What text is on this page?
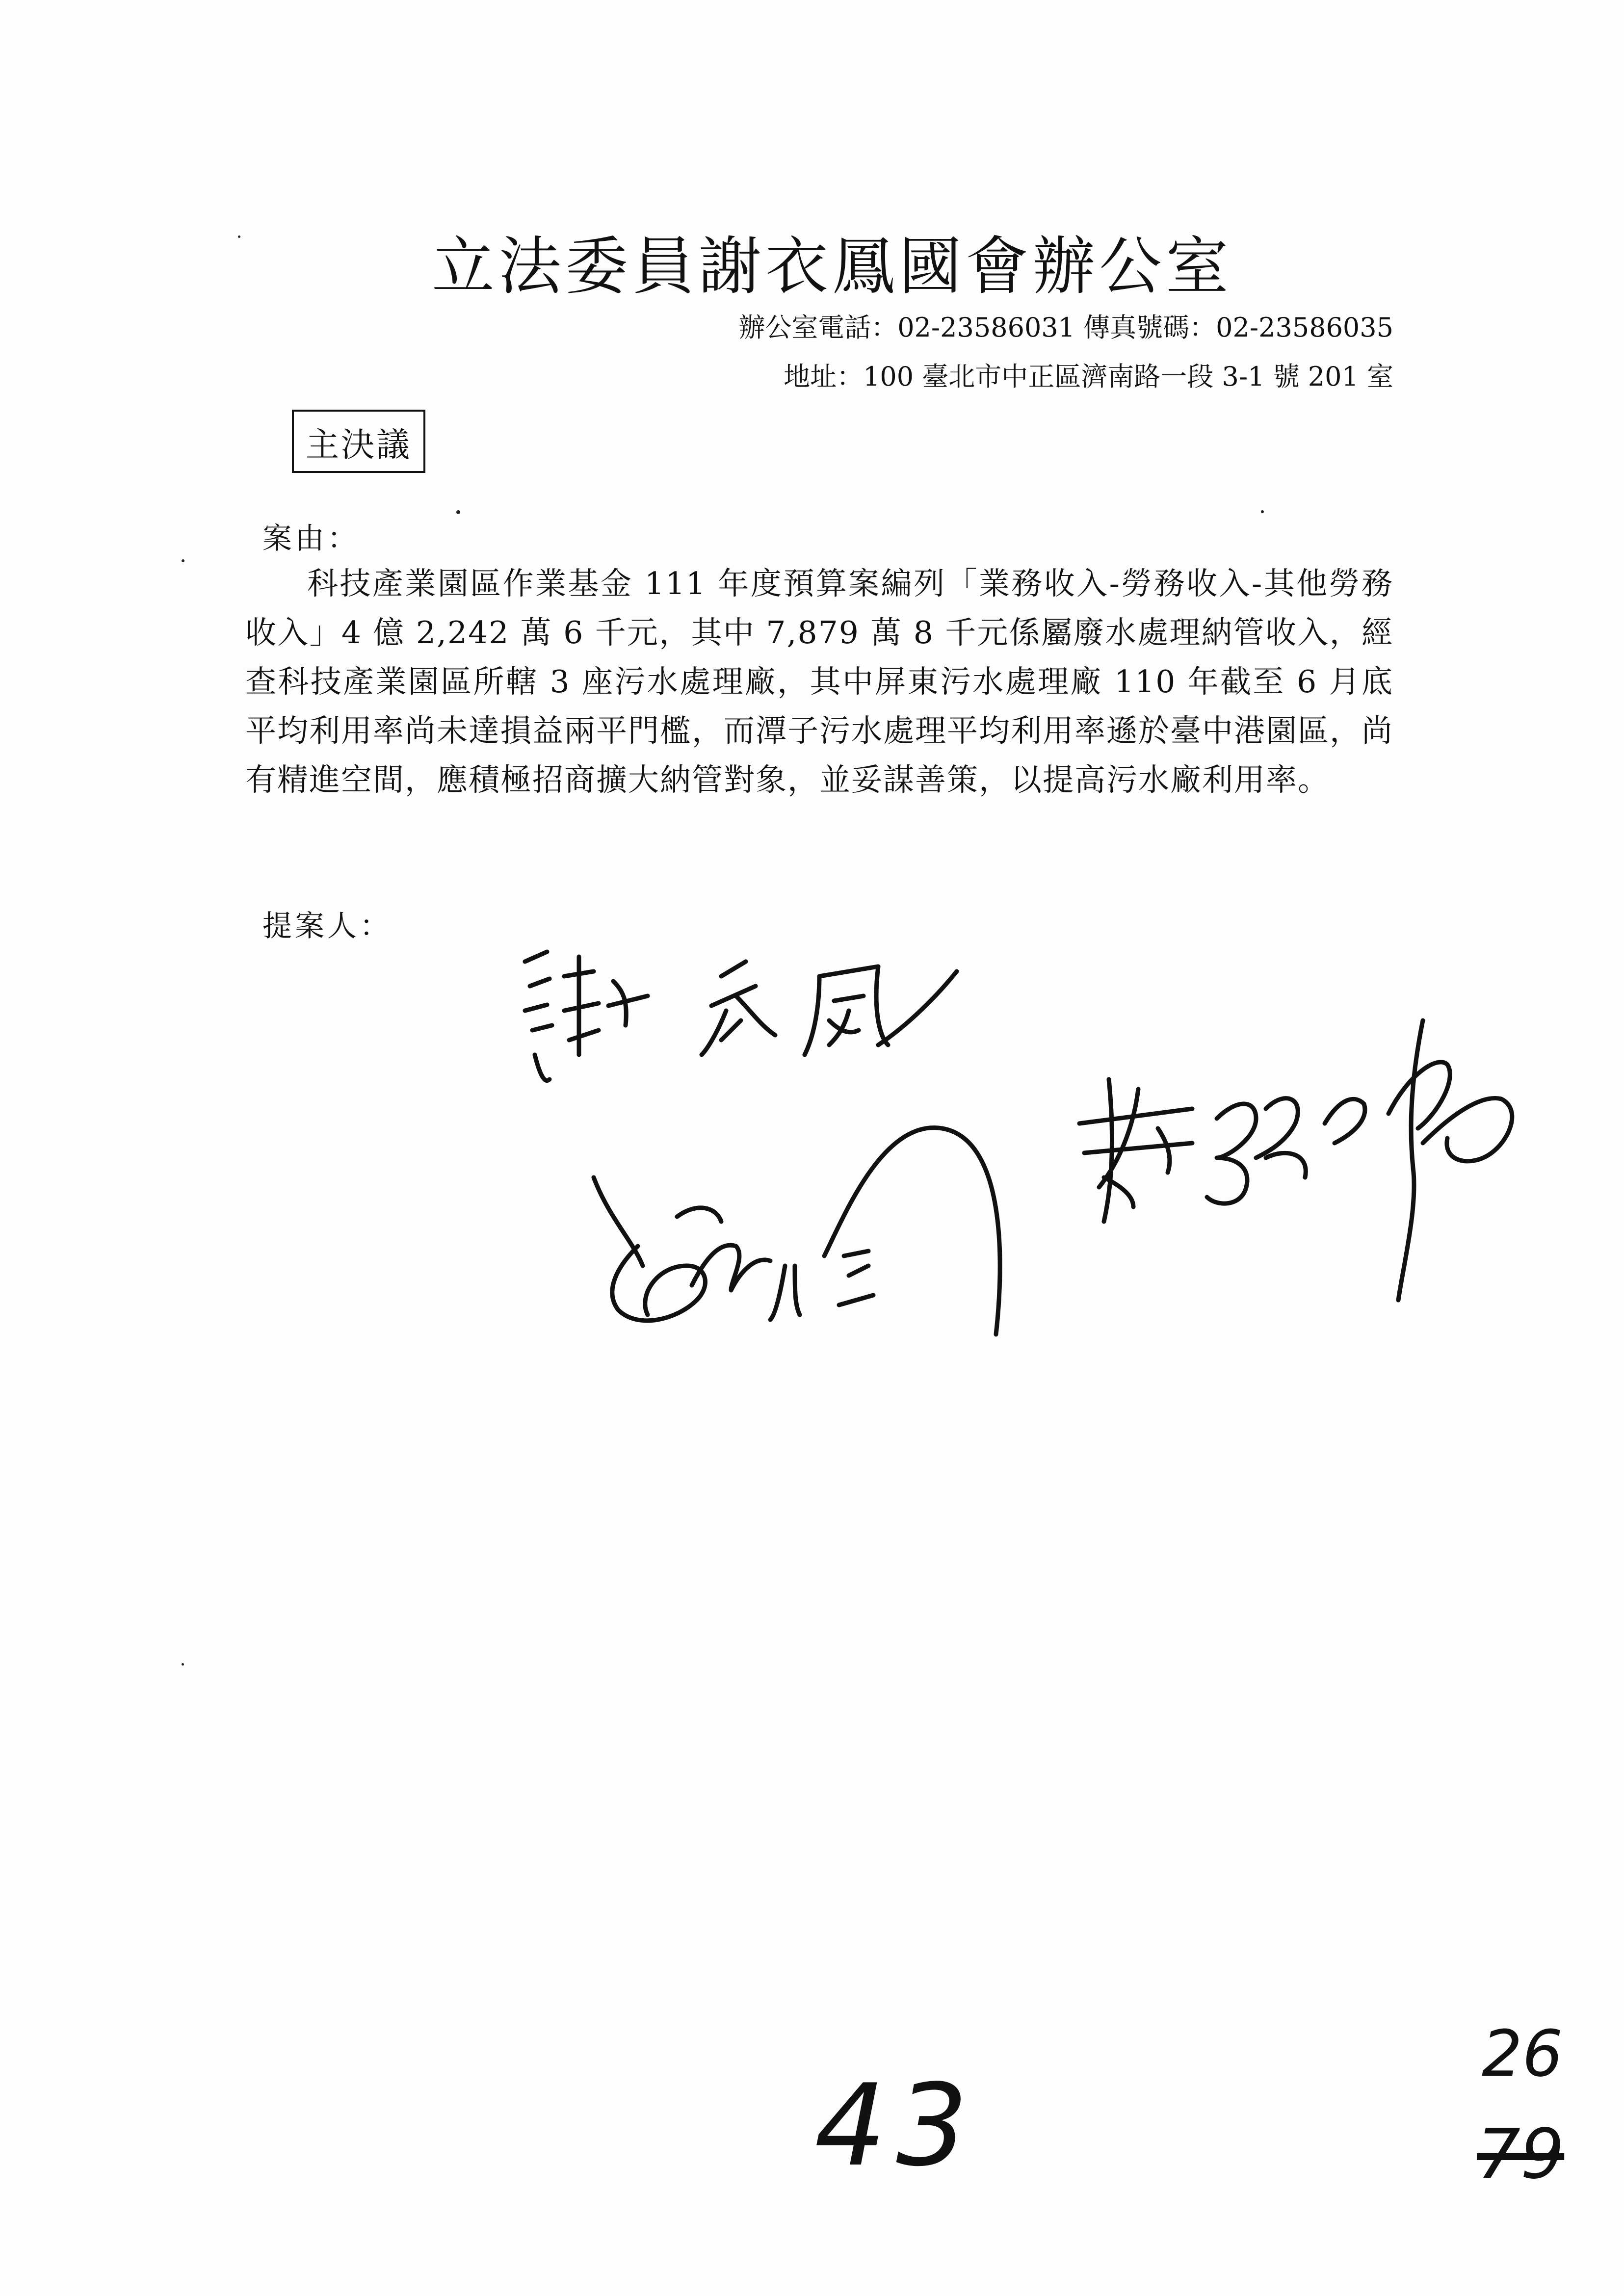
立法委員謝衣鳳國會辦公室
辦公室電話：02-23586031 傳真號碼：02-23586035
地址：100 臺北市中正區濟南路一段 3-1 號 201 室
主決議
案由：

科技產業園區作業基金 111 年度預算案編列「業務收入-勞務收入-其他勞務收入」4 億 2,242 萬 6 千元，其中 7,879 萬 8 千元係屬廢水處理納管收入，經查科技產業園區所轄 3 座污水處理廠，其中屏東污水處理廠 110 年截至 6 月底平均利用率尚未達損益兩平門檻，而潭子污水處理平均利用率遜於臺中港園區，尚有精進空間，應積極招商擴大納管對象，並妥謀善策，以提高污水廠利用率。

提案人：
43
26
79
